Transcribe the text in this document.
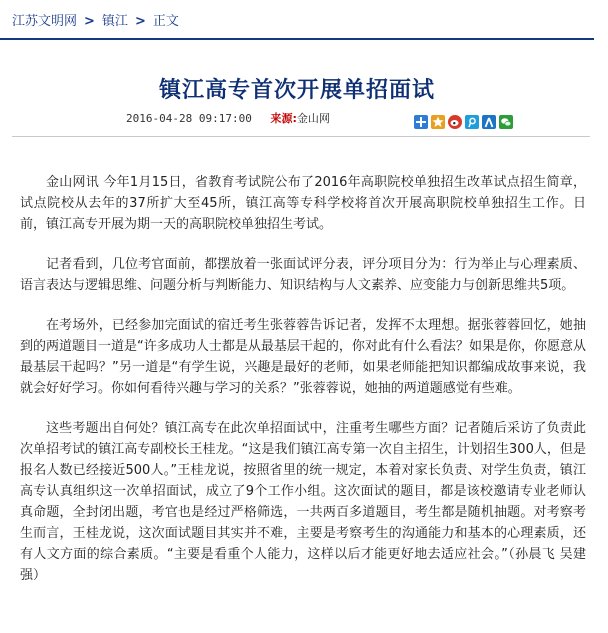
江苏文明网 > 镇江 > 正文
镇江高专首次开展单招面试
2016-04-28 09:17:00 来源:金山网

金山网讯 今年1月15日，省教育考试院公布了2016年高职院校单独招生改革试点招生简章，试点院校从去年的37所扩大至45所，镇江高等专科学校将首次开展高职院校单独招生工作。日前，镇江高专开展为期一天的高职院校单独招生考试。

记者看到，几位考官面前，都摆放着一张面试评分表，评分项目分为：行为举止与心理素质、语言表达与逻辑思维、问题分析与判断能力、知识结构与人文素养、应变能力与创新思维共5项。

在考场外，已经参加完面试的宿迁考生张蓉蓉告诉记者，发挥不太理想。据张蓉蓉回忆，她抽到的两道题目一道是“许多成功人士都是从最基层干起的，你对此有什么看法？如果是你，你愿意从最基层干起吗？”另一道是“有学生说，兴趣是最好的老师，如果老师能把知识都编成故事来说，我就会好好学习。你如何看待兴趣与学习的关系？”张蓉蓉说，她抽的两道题感觉有些难。

这些考题出自何处？镇江高专在此次单招面试中，注重考生哪些方面？记者随后采访了负责此次单招考试的镇江高专副校长王桂龙。“这是我们镇江高专第一次自主招生，计划招生300人，但是报名人数已经接近500人。”王桂龙说，按照省里的统一规定，本着对家长负责、对学生负责，镇江高专认真组织这一次单招面试，成立了9个工作小组。这次面试的题目，都是该校邀请专业老师认真命题，全封闭出题，考官也是经过严格筛选，一共两百多道题目，考生都是随机抽题。对考察考生而言，王桂龙说，这次面试题目其实并不难，主要是考察考生的沟通能力和基本的心理素质，还有人文方面的综合素质。“主要是看重个人能力，这样以后才能更好地去适应社会。”（孙晨飞 吴建强）
